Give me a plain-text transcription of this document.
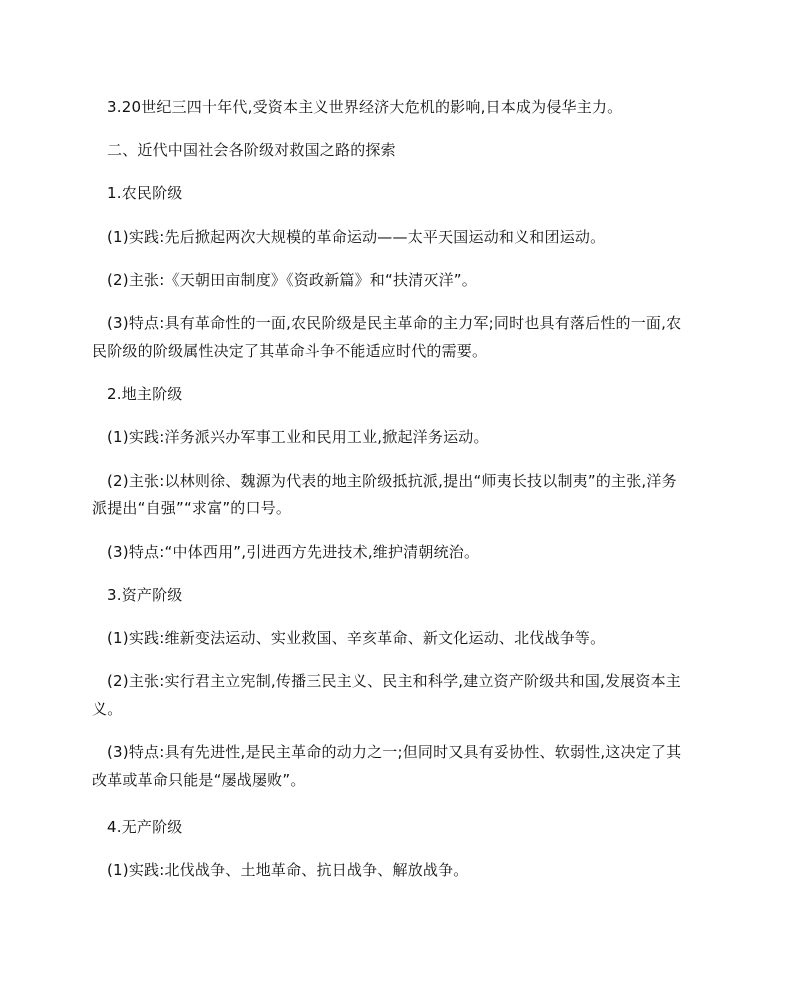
3.20世纪三四十年代,受资本主义世界经济大危机的影响,日本成为侵华主力。
二、近代中国社会各阶级对救国之路的探索
1.农民阶级
(1)实践:先后掀起两次大规模的革命运动——太平天国运动和义和团运动。
(2)主张:《天朝田亩制度》《资政新篇》和“扶清灭洋”。
(3)特点:具有革命性的一面,农民阶级是民主革命的主力军;同时也具有落后性的一面,农
民阶级的阶级属性决定了其革命斗争不能适应时代的需要。
2.地主阶级
(1)实践:洋务派兴办军事工业和民用工业,掀起洋务运动。
(2)主张:以林则徐、魏源为代表的地主阶级抵抗派,提出“师夷长技以制夷”的主张,洋务
派提出“自强”“求富”的口号。
(3)特点:“中体西用”,引进西方先进技术,维护清朝统治。
3.资产阶级
(1)实践:维新变法运动、实业救国、辛亥革命、新文化运动、北伐战争等。
(2)主张:实行君主立宪制,传播三民主义、民主和科学,建立资产阶级共和国,发展资本主
义。
(3)特点:具有先进性,是民主革命的动力之一;但同时又具有妥协性、软弱性,这决定了其
改革或革命只能是“屡战屡败”。
4.无产阶级
(1)实践:北伐战争、土地革命、抗日战争、解放战争。
